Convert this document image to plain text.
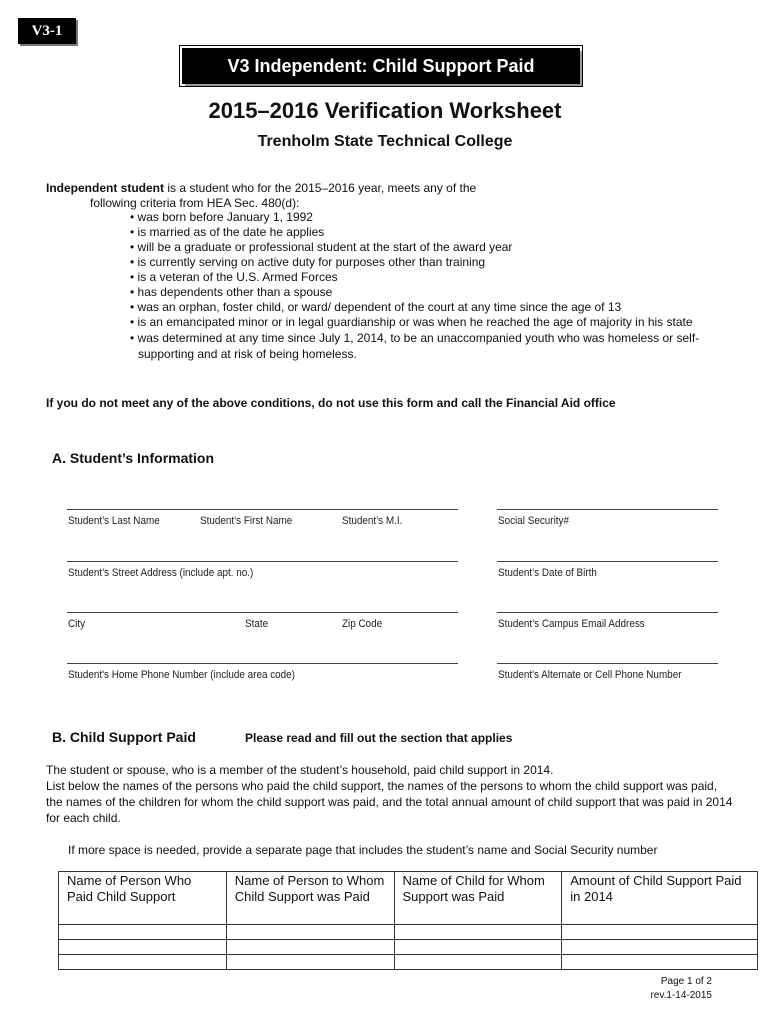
V3-1
V3 Independent: Child Support Paid
2015–2016 Verification Worksheet
Trenholm State Technical College
Independent student is a student who for the 2015–2016 year, meets any of the
following criteria from HEA Sec. 480(d):
• was born before January 1, 1992
• is married as of the date he applies
• will be a graduate or professional student at the start of the award year
• is currently serving on active duty for purposes other than training
• is a veteran of the U.S. Armed Forces
• has dependents other than a spouse
• was an orphan, foster child, or ward/ dependent of the court at any time since the age of 13
• is an emancipated minor or in legal guardianship or was when he reached the age of majority in his state
• was determined at any time since July 1, 2014, to be an unaccompanied youth who was homeless or self-supporting and at risk of being homeless.
If you do not meet any of the above conditions, do not use this form and call the Financial Aid office
A. Student’s Information
Student’s Last Name	Student’s First Name	Student’s M.I.	Social Security#
Student’s Street Address (include apt. no.)	Student’s Date of Birth
City	State	Zip Code	Student’s Campus Email Address
Student's Home Phone Number (include area code)	Student's Alternate or Cell Phone Number
B. Child Support Paid	Please read and fill out the section that applies
The student or spouse, who is a member of the student’s household, paid child support in 2014.
List below the names of the persons who paid the child support, the names of the persons to whom the child support was paid, the names of the children for whom the child support was paid, and the total annual amount of child support that was paid in 2014 for each child.
If more space is needed, provide a separate page that includes the student’s name and Social Security number
Name of Person Who Paid Child Support	Name of Person to Whom Child Support was Paid	Name of Child for Whom Support was Paid	Amount of Child Support Paid in 2014

Page 1 of 2
rev.1-14-2015
